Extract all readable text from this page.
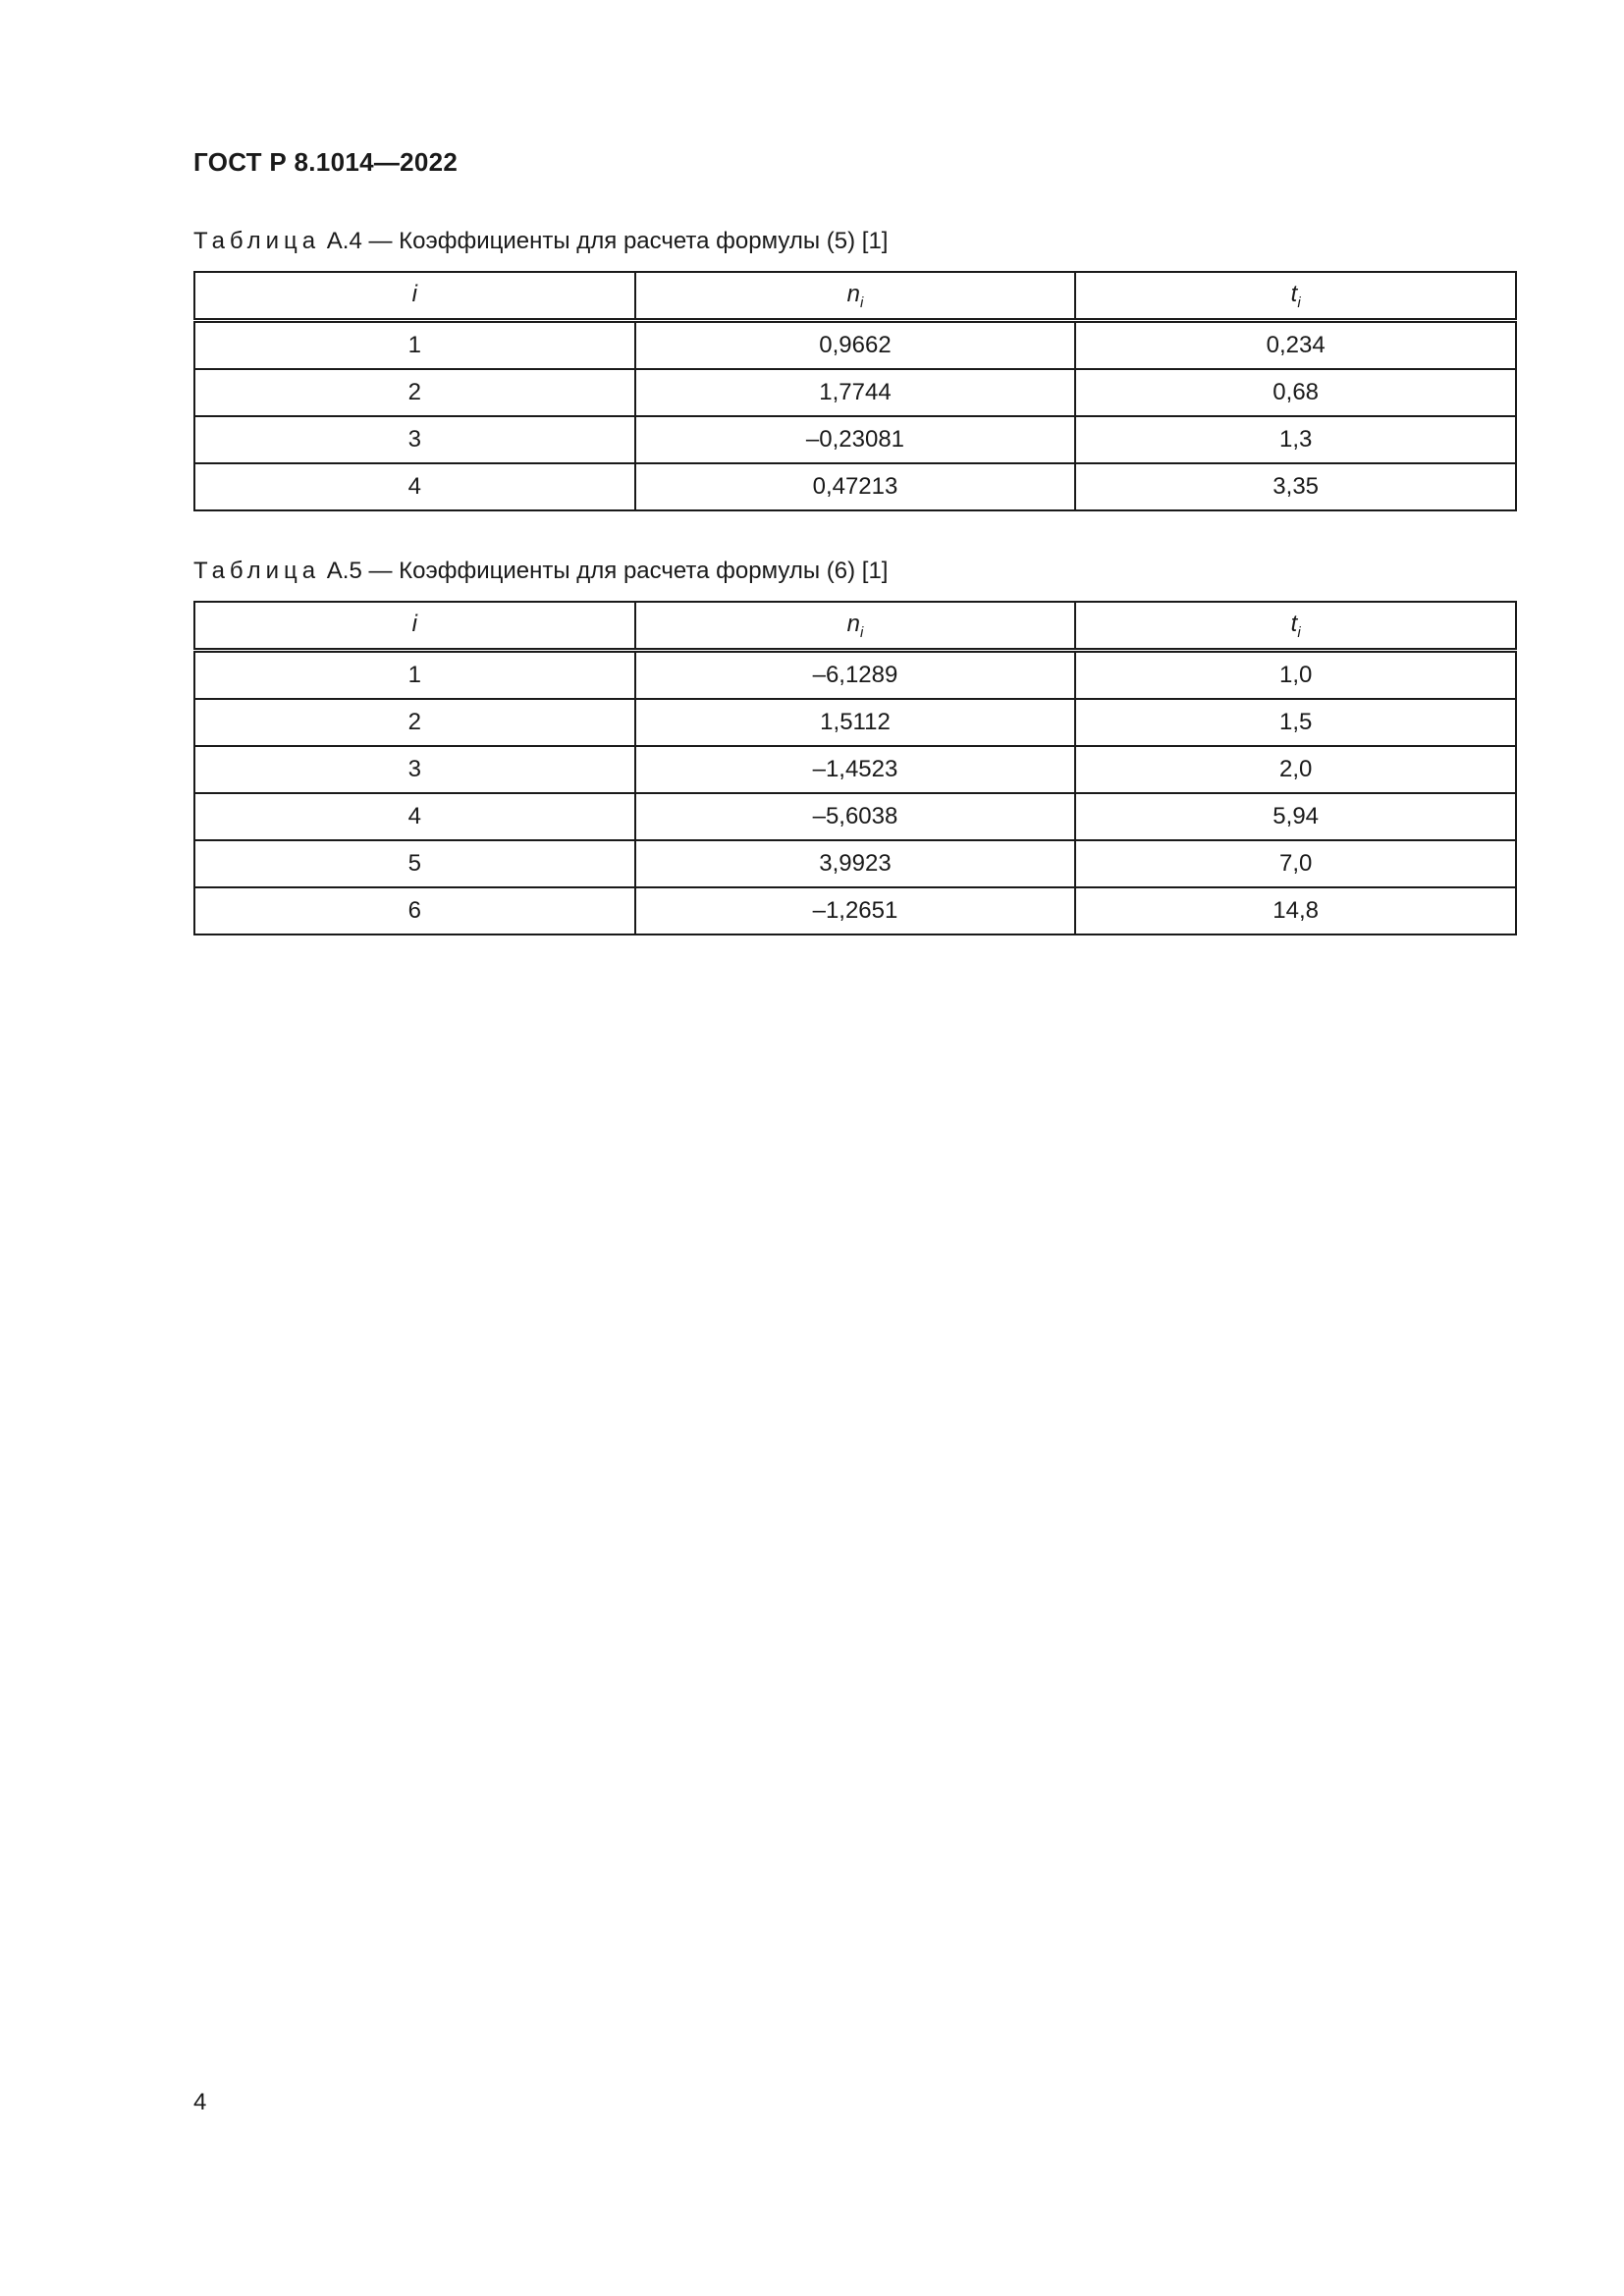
ГОСТ Р 8.1014—2022
Таблица А.4 — Коэффициенты для расчета формулы (5) [1]
i	$n_i$	$t_i$
1	0,9662	0,234
2	1,7744	0,68
3	–0,23081	1,3
4	0,47213	3,35
Таблица А.5 — Коэффициенты для расчета формулы (6) [1]
i	$n_i$	$t_i$
1	–6,1289	1,0
2	1,5112	1,5
3	–1,4523	2,0
4	–5,6038	5,94
5	3,9923	7,0
6	–1,2651	14,8
4
